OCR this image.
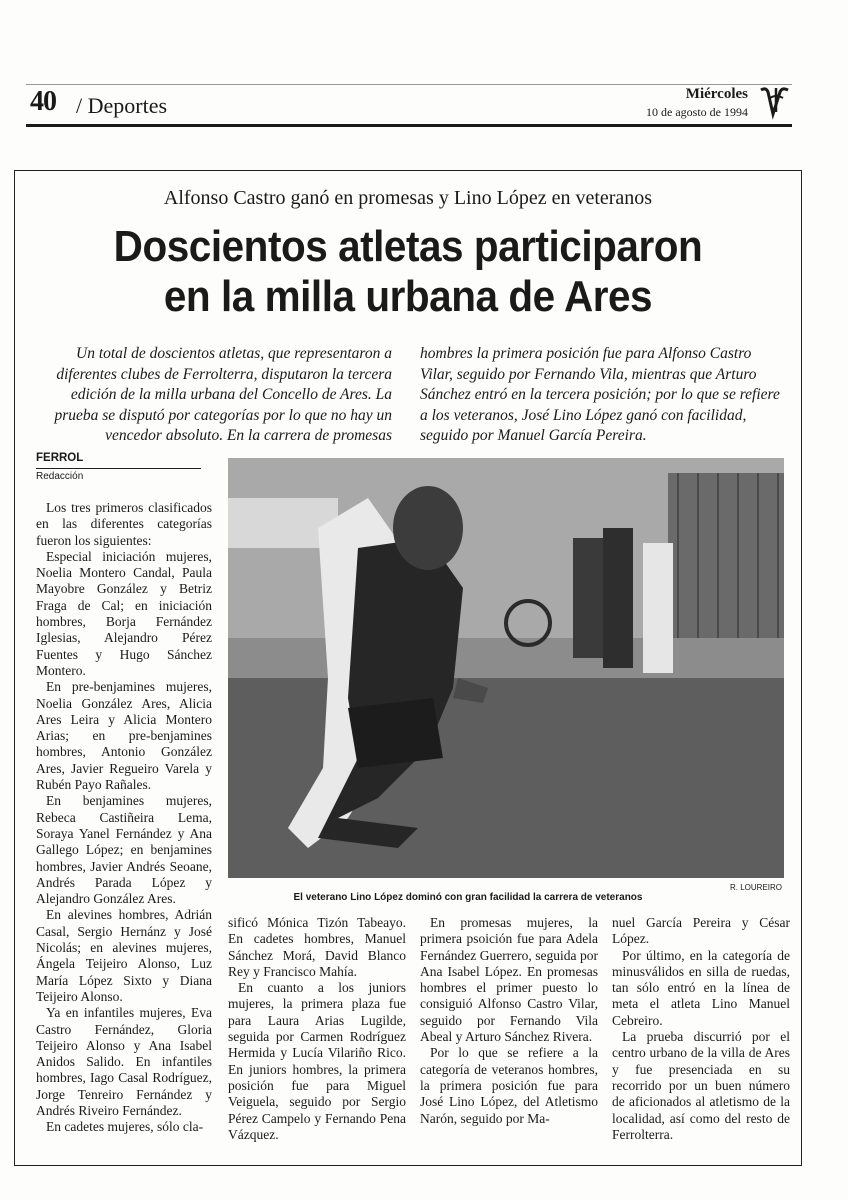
40 / Deportes	Miércoles
10 de agosto de 1994
Alfonso Castro ganó en promesas y Lino López en veteranos
Doscientos atletas participaron
en la milla urbana de Ares
Un total de doscientos atletas, que representaron a diferentes clubes de Ferrolterra, disputaron la tercera edición de la milla urbana del Concello de Ares. La prueba se disputó por categorías por lo que no hay un vencedor absoluto. En la carrera de promesas
hombres la primera posición fue para Alfonso Castro Vilar, seguido por Fernando Vila, mientras que Arturo Sánchez entró en la tercera posición; por lo que se refiere a los veteranos, José Lino López ganó con facilidad, seguido por Manuel García Pereira.
FERROL
Redacción

Los tres primeros clasificados en las diferentes categorías fueron los siguientes:

Especial iniciación mujeres, Noelia Montero Candal, Paula Mayobre González y Betriz Fraga de Cal; en iniciación hombres, Borja Fernández Iglesias, Alejandro Pérez Fuentes y Hugo Sánchez Montero.

En pre-benjamines mujeres, Noelia González Ares, Alicia Ares Leira y Alicia Montero Arias; en pre-benjamines hombres, Antonio González Ares, Javier Regueiro Varela y Rubén Payo Rañales.

En benjamines mujeres, Rebeca Castiñeira Lema, Soraya Yanel Fernández y Ana Gallego López; en benjamines hombres, Javier Andrés Seoane, Andrés Parada López y Alejandro González Ares.

En alevines hombres, Adrián Casal, Sergio Hernánz y José Nicolás; en alevines mujeres, Ángela Teijeiro Alonso, Luz María López Sixto y Diana Teijeiro Alonso.

Ya en infantiles mujeres, Eva Castro Fernández, Gloria Teijeiro Alonso y Ana Isabel Anidos Salido. En infantiles hombres, Iago Casal Rodríguez, Jorge Tenreiro Fernández y Andrés Riveiro Fernández.

En cadetes mujeres, sólo cla-

R. LOUREIRO
El veterano Lino López dominó con gran facilidad la carrera de veteranos

sificó Mónica Tizón Tabeayo. En cadetes hombres, Manuel Sánchez Morá, David Blanco Rey y Francisco Mahía.

En cuanto a los juniors mujeres, la primera plaza fue para Laura Arias Lugilde, seguida por Carmen Rodríguez Hermida y Lucía Vilariño Rico. En juniors hombres, la primera posición fue para Miguel Veiguela, seguido por Sergio Pérez Campelo y Fernando Pena Vázquez.

En promesas mujeres, la primera psoición fue para Adela Fernández Guerrero, seguida por Ana Isabel López. En promesas hombres el primer puesto lo consiguió Alfonso Castro Vilar, seguido por Fernando Vila Abeal y Arturo Sánchez Rivera.

Por lo que se refiere a la categoría de veteranos hombres, la primera posición fue para José Lino López, del Atletismo Narón, seguido por Ma-

nuel García Pereira y César López.

Por último, en la categoría de minusválidos en silla de ruedas, tan sólo entró en la línea de meta el atleta Lino Manuel Cebreiro.

La prueba discurrió por el centro urbano de la villa de Ares y fue presenciada en su recorrido por un buen número de aficionados al atletismo de la localidad, así como del resto de Ferrolterra.
